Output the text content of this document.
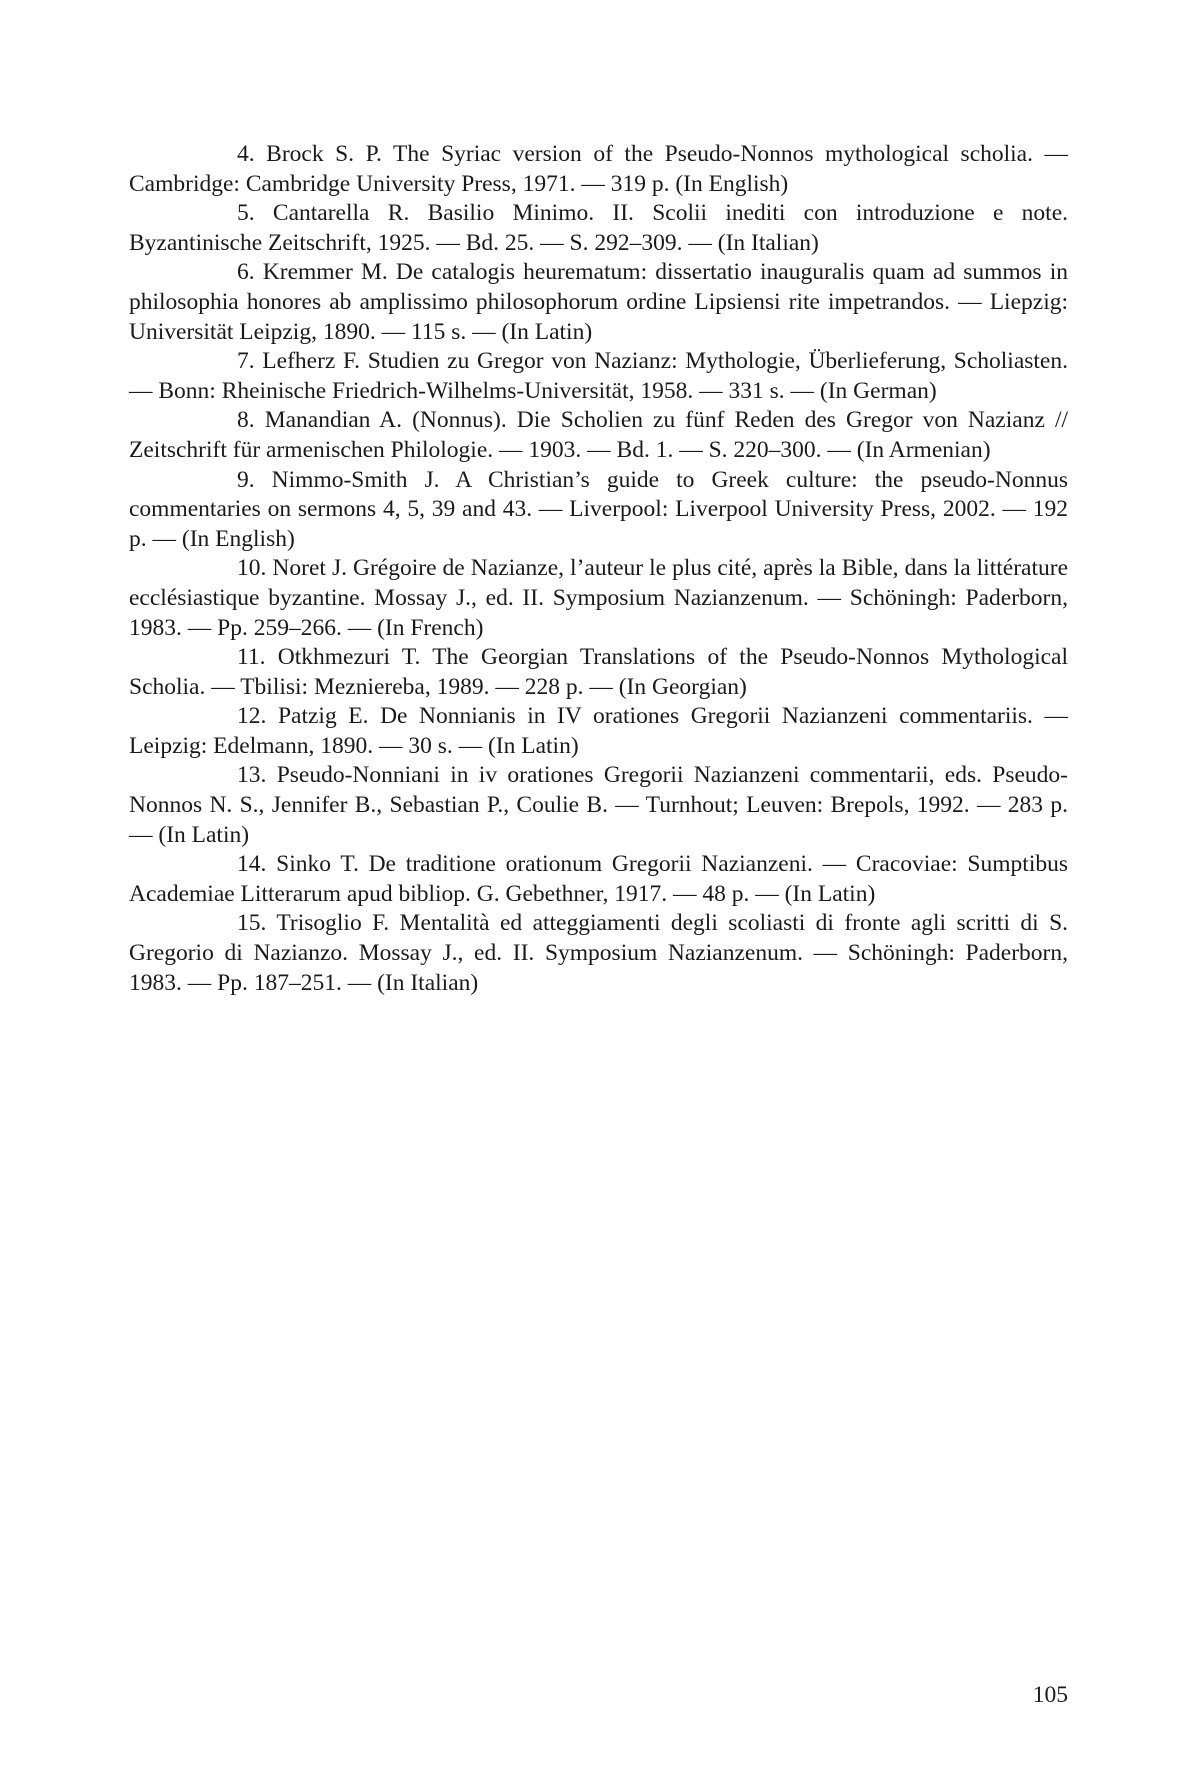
4. Brock S. P. The Syriac version of the Pseudo-Nonnos mythological scholia. — Cambridge: Cambridge University Press, 1971. — 319 p. (In English)
5. Cantarella R. Basilio Minimo. II. Scolii inediti con introduzione e note. Byzantinische Zeitschrift, 1925. — Bd. 25. — S. 292–309. — (In Italian)
6. Kremmer M. De catalogis heurematum: dissertatio inauguralis quam ad summos in philosophia honores ab amplissimo philosophorum ordine Lipsiensi rite impetrandos. — Liepzig: Universität Leipzig, 1890. — 115 s. — (In Latin)
7. Lefherz F. Studien zu Gregor von Nazianz: Mythologie, Überlieferung, Scholiasten. — Bonn: Rheinische Friedrich-Wilhelms-Universität, 1958. — 331 s. — (In German)
8. Manandian A. (Nonnus). Die Scholien zu fünf Reden des Gregor von Nazianz // Zeitschrift für armenischen Philologie. — 1903. — Bd. 1. — S. 220–300. — (In Armenian)
9. Nimmo-Smith J. A Christian’s guide to Greek culture: the pseudo-Nonnus commentaries on sermons 4, 5, 39 and 43. — Liverpool: Liverpool University Press, 2002. — 192 p. — (In English)
10. Noret J. Grégoire de Nazianze, l’auteur le plus cité, après la Bible, dans la littérature ecclésiastique byzantine. Mossay J., ed. II. Symposium Nazianzenum. — Schöningh: Paderborn, 1983. — Pp. 259–266. — (In French)
11. Otkhmezuri T. The Georgian Translations of the Pseudo-Nonnos Mythological Scholia. — Tbilisi: Mezniereba, 1989. — 228 p. — (In Georgian)
12. Patzig E. De Nonnianis in IV orationes Gregorii Nazianzeni commentariis. — Leipzig: Edelmann, 1890. — 30 s. — (In Latin)
13. Pseudo-Nonniani in iv orationes Gregorii Nazianzeni commentarii, eds. Pseudo-Nonnos N. S., Jennifer B., Sebastian P., Coulie B. — Turnhout; Leuven: Brepols, 1992. — 283 p. — (In Latin)
14. Sinko T. De traditione orationum Gregorii Nazianzeni. — Cracoviae: Sumptibus Academiae Litterarum apud bibliop. G. Gebethner, 1917. — 48 p. — (In Latin)
15. Trisoglio F. Mentalità ed atteggiamenti degli scoliasti di fronte agli scritti di S. Gregorio di Nazianzo. Mossay J., ed. II. Symposium Nazianzenum. — Schöningh: Paderborn, 1983. — Pp. 187–251. — (In Italian)
105
